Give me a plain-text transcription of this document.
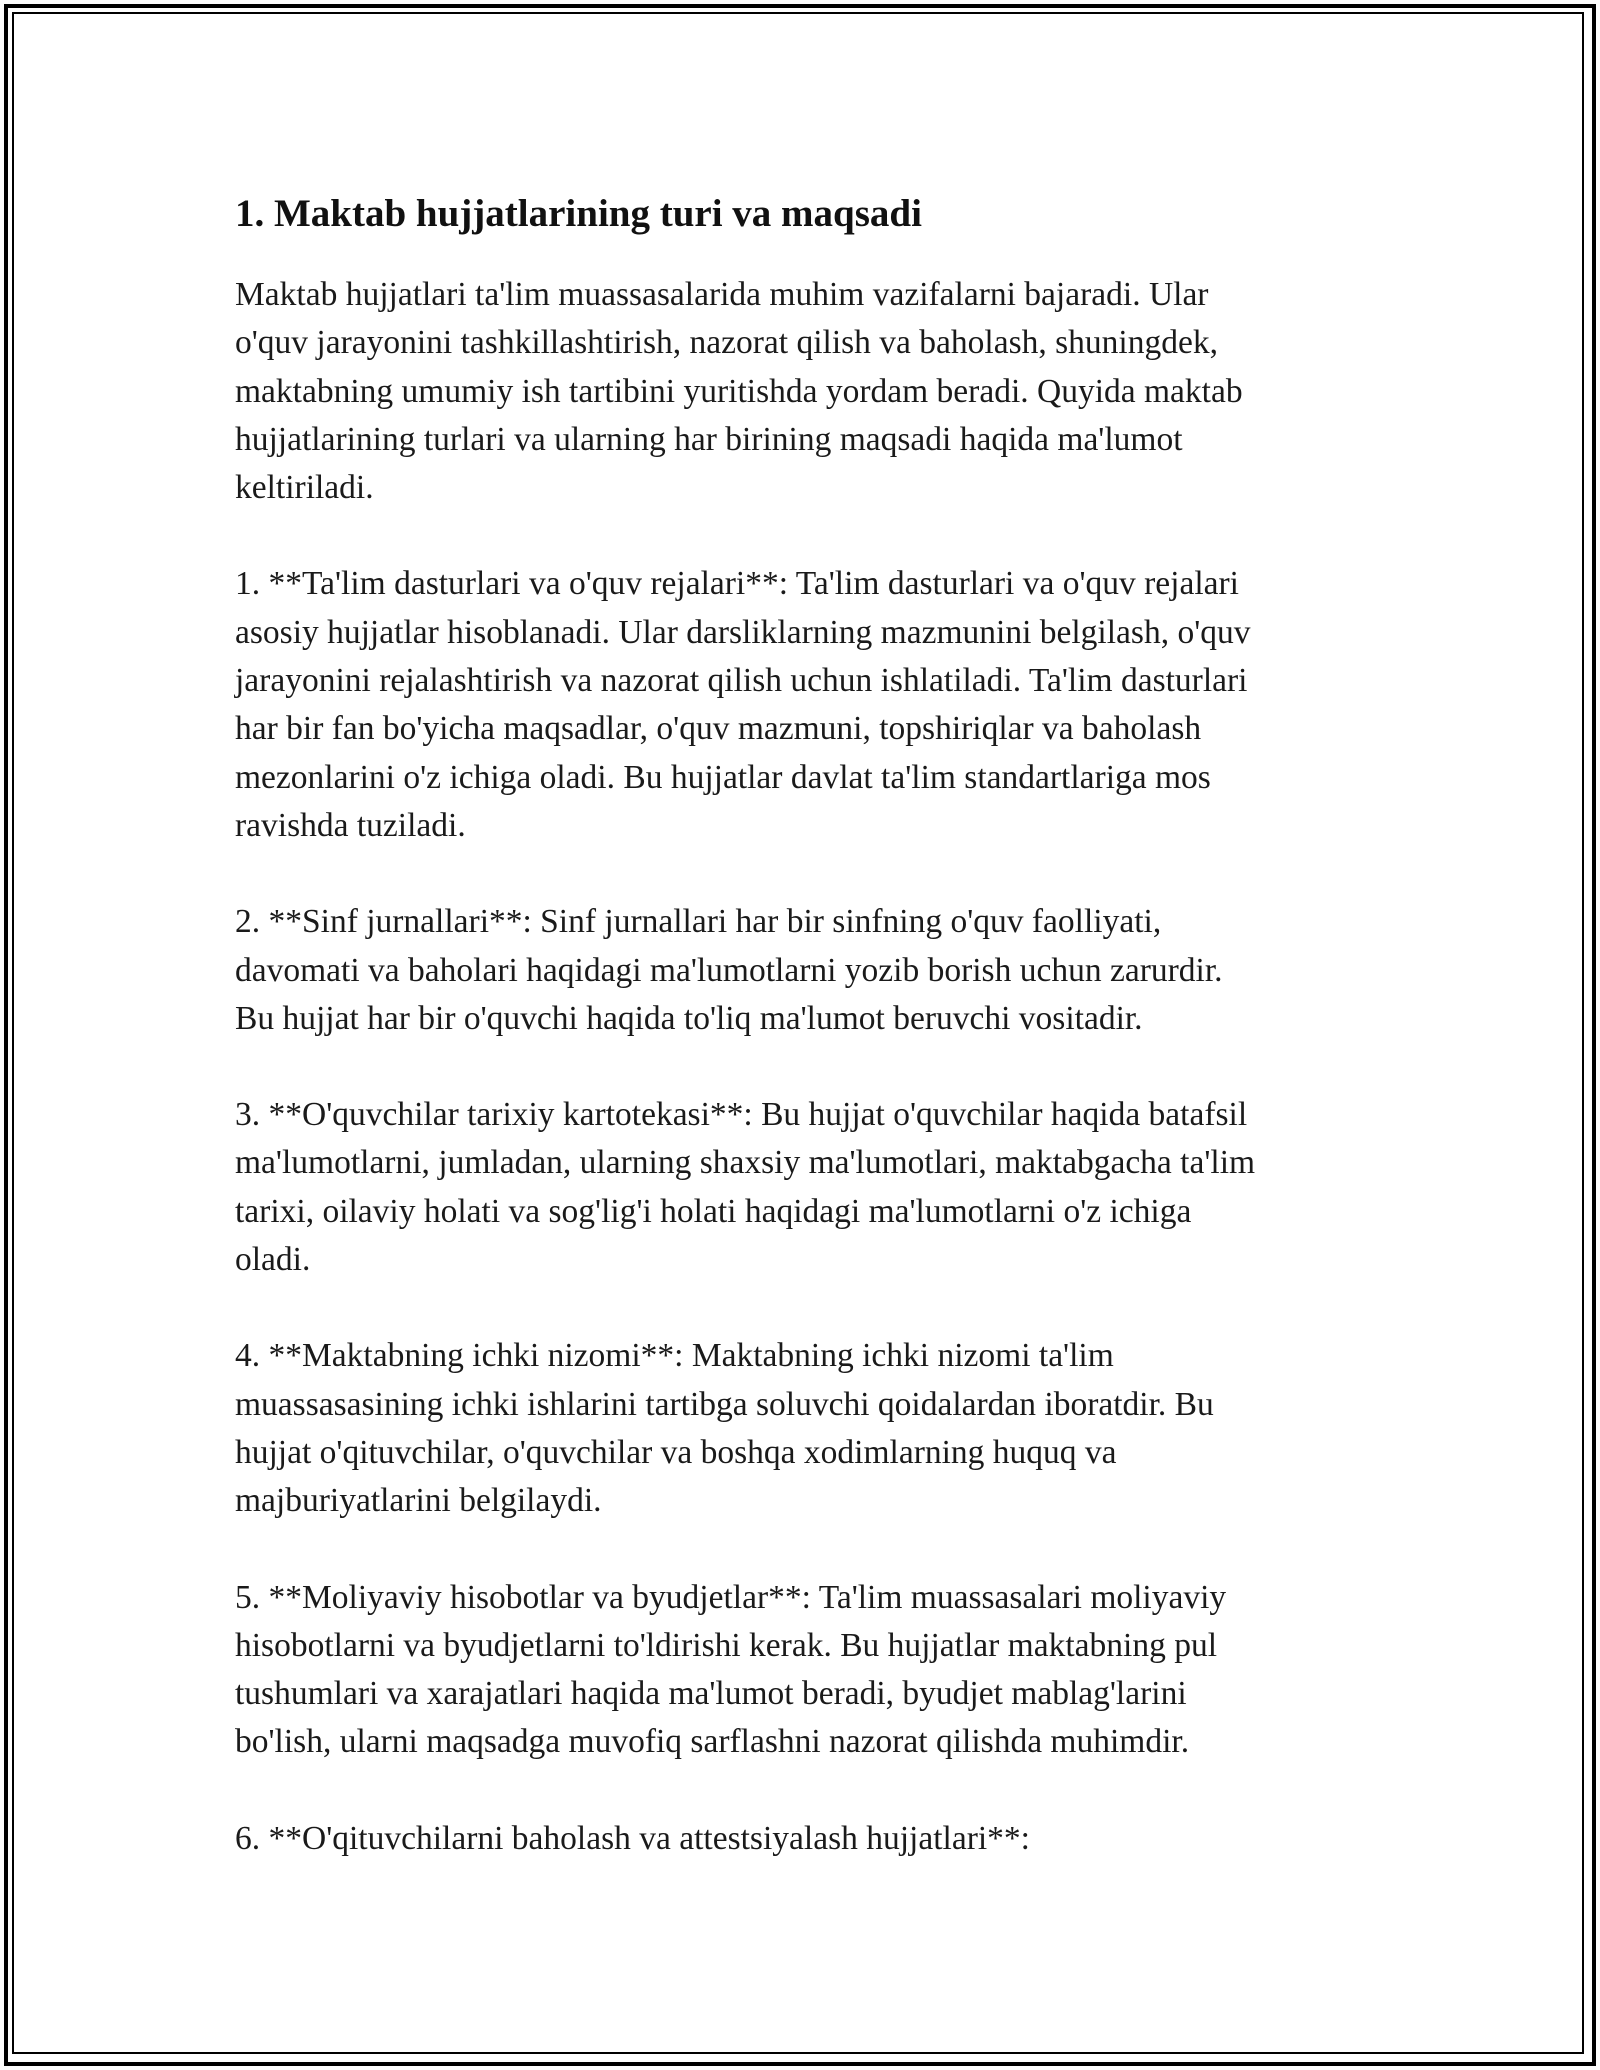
1. Maktab hujjatlarining turi va maqsadi

Maktab hujjatlari ta'lim muassasalarida muhim vazifalarni bajaradi. Ular
o'quv jarayonini tashkillashtirish, nazorat qilish va baholash, shuningdek,
maktabning umumiy ish tartibini yuritishda yordam beradi. Quyida maktab
hujjatlarining turlari va ularning har birining maqsadi haqida ma'lumot
keltiriladi.

1. **Ta'lim dasturlari va o'quv rejalari**: Ta'lim dasturlari va o'quv rejalari
asosiy hujjatlar hisoblanadi. Ular darsliklarning mazmunini belgilash, o'quv
jarayonini rejalashtirish va nazorat qilish uchun ishlatiladi. Ta'lim dasturlari
har bir fan bo'yicha maqsadlar, o'quv mazmuni, topshiriqlar va baholash
mezonlarini o'z ichiga oladi. Bu hujjatlar davlat ta'lim standartlariga mos
ravishda tuziladi.

2. **Sinf jurnallari**: Sinf jurnallari har bir sinfning o'quv faolliyati,
davomati va baholari haqidagi ma'lumotlarni yozib borish uchun zarurdir.
Bu hujjat har bir o'quvchi haqida to'liq ma'lumot beruvchi vositadir.

3. **O'quvchilar tarixiy kartotekasi**: Bu hujjat o'quvchilar haqida batafsil
ma'lumotlarni, jumladan, ularning shaxsiy ma'lumotlari, maktabgacha ta'lim
tarixi, oilaviy holati va sog'lig'i holati haqidagi ma'lumotlarni o'z ichiga
oladi.

4. **Maktabning ichki nizomi**: Maktabning ichki nizomi ta'lim
muassasasining ichki ishlarini tartibga soluvchi qoidalardan iboratdir. Bu
hujjat o'qituvchilar, o'quvchilar va boshqa xodimlarning huquq va
majburiyatlarini belgilaydi.

5. **Moliyaviy hisobotlar va byudjetlar**: Ta'lim muassasalari moliyaviy
hisobotlarni va byudjetlarni to'ldirishi kerak. Bu hujjatlar maktabning pul
tushumlari va xarajatlari haqida ma'lumot beradi, byudjet mablag'larini
bo'lish, ularni maqsadga muvofiq sarflashni nazorat qilishda muhimdir.

6. **O'qituvchilarni baholash va attestsiyalash hujjatlari**:
